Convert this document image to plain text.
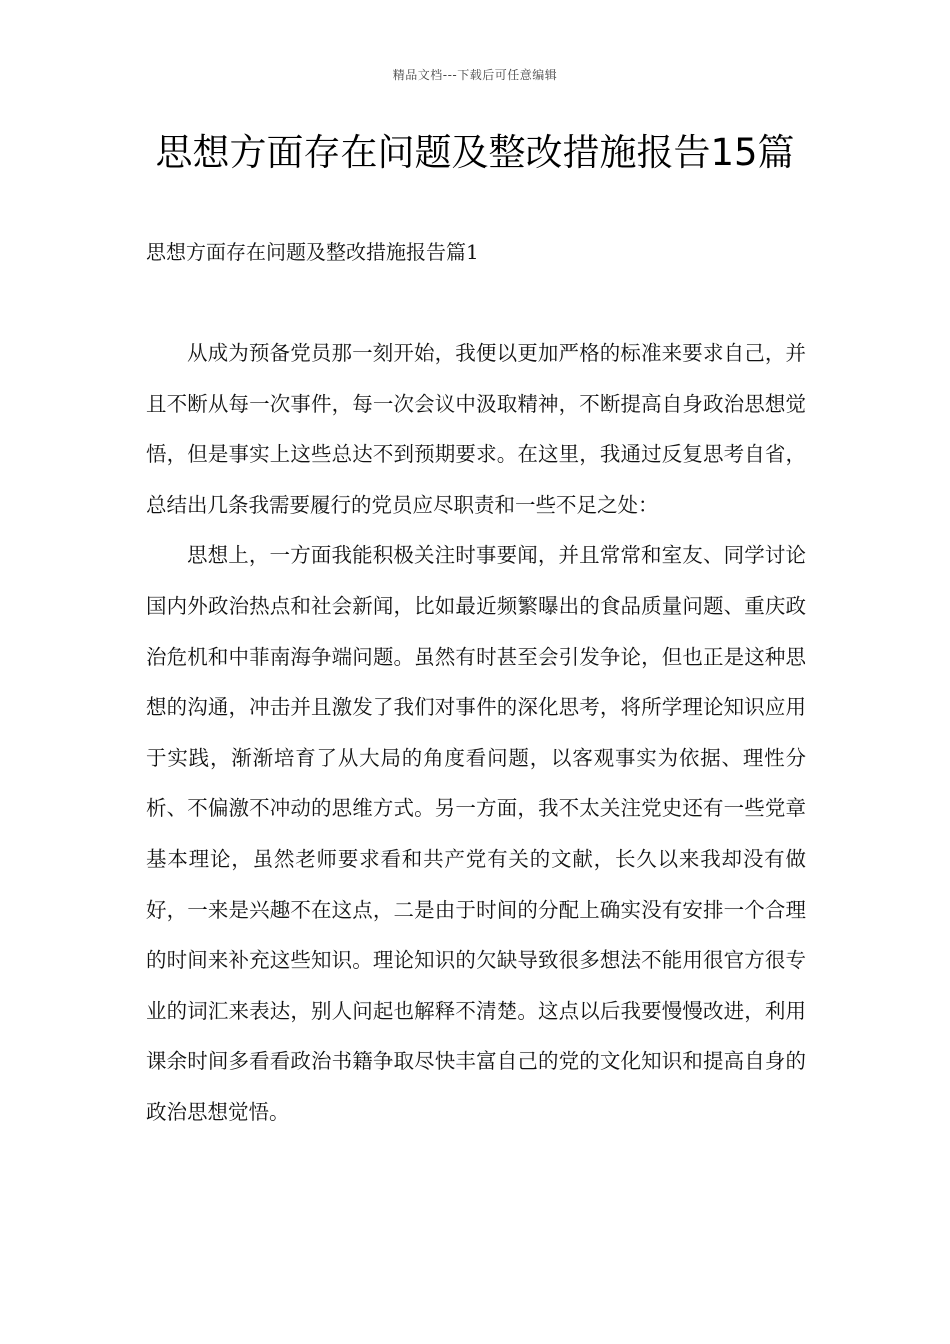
精品文档---下载后可任意编辑
思想方面存在问题及整改措施报告15篇
思想方面存在问题及整改措施报告篇1

从成为预备党员那一刻开始，我便以更加严格的标准来要求自己，并且不断从每一次事件，每一次会议中汲取精神，不断提高自身政治思想觉悟，但是事实上这些总达不到预期要求。在这里，我通过反复思考自省，总结出几条我需要履行的党员应尽职责和一些不足之处：

思想上，一方面我能积极关注时事要闻，并且常常和室友、同学讨论国内外政治热点和社会新闻，比如最近频繁曝出的食品质量问题、重庆政治危机和中菲南海争端问题。虽然有时甚至会引发争论，但也正是这种思想的沟通，冲击并且激发了我们对事件的深化思考，将所学理论知识应用于实践，渐渐培育了从大局的角度看问题，以客观事实为依据、理性分析、不偏激不冲动的思维方式。另一方面，我不太关注党史还有一些党章基本理论，虽然老师要求看和共产党有关的文献，长久以来我却没有做好，一来是兴趣不在这点，二是由于时间的分配上确实没有安排一个合理的时间来补充这些知识。理论知识的欠缺导致很多想法不能用很官方很专业的词汇来表达，别人问起也解释不清楚。这点以后我要慢慢改进，利用课余时间多看看政治书籍争取尽快丰富自己的党的文化知识和提高自身的政治思想觉悟。
